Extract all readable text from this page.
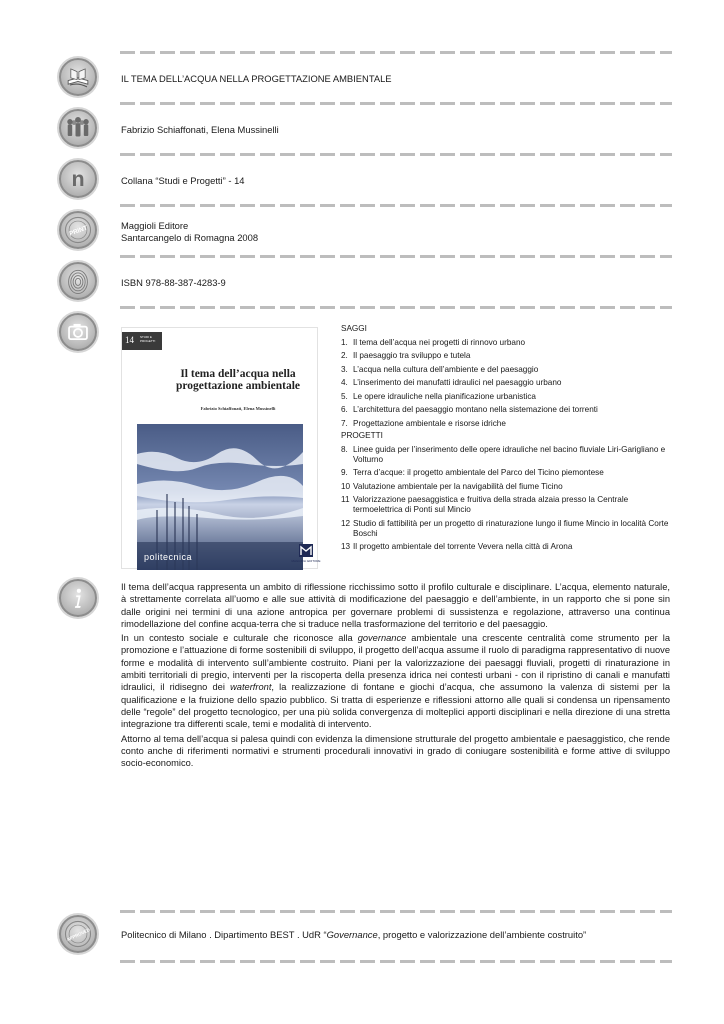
n
PRINT
APPROVED
IL TEMA DELL’ACQUA NELLA PROGETTAZIONE AMBIENTALE
Fabrizio Schiaffonati, Elena Mussinelli
Collana “Studi e Progetti” - 14
Maggioli Editore
Santarcangelo di Romagna 2008
ISBN 978-88-387-4283-9
14 STUDI E
PROGETTI
Il tema dell’acqua nella
progettazione ambientale
Fabrizio Schiaffonati, Elena Mussinelli
politecnica	MAGGIOLI EDITORE
SAGGI
1. Il tema dell’acqua nei progetti di rinnovo urbano
2. Il paesaggio tra sviluppo e tutela
3. L’acqua nella cultura dell’ambiente e del paesaggio
4. L’inserimento dei manufatti idraulici nel paesaggio urbano
5. Le opere idrauliche nella pianificazione urbanistica
6. L’architettura del paesaggio montano nella sistemazione dei torrenti
7. Progettazione ambientale e risorse idriche
PROGETTI
8. Linee guida per l’inserimento delle opere idrauliche nel bacino fluviale Liri-Garigliano e Volturno
9. Terra d’acque: il progetto ambientale del Parco del Ticino piemontese
10 Valutazione ambientale per la navigabilità del fiume Ticino
11 Valorizzazione paesaggistica e fruitiva della strada alzaia presso la Centrale termoelettrica di Ponti sul Mincio
12 Studio di fattibilità per un progetto di rinaturazione lungo il fiume Mincio in località Corte Boschi
13 Il progetto ambientale del torrente Vevera nella città di Arona

Il tema dell’acqua rappresenta un ambito di riflessione ricchissimo sotto il profilo culturale e disciplinare. L’acqua, elemento naturale, à strettamente correlata all’uomo e alle sue attività di modificazione del paesaggio e dell’ambiente, in un rapporto che si pone sin dalle origini nei termini di una azione antropica per governare problemi di sussistenza e regolazione, attraverso una continua rimodellazione del confine acqua-terra che si traduce nella trasformazione del territorio e del paesaggio.

In un contesto sociale e culturale che riconosce alla governance ambientale una crescente centralità come strumento per la promozione e l’attuazione di forme sostenibili di sviluppo, il progetto dell’acqua assume il ruolo di paradigma rappresentativo di nuove forme e modalità di intervento sull’ambiente costruito. Piani per la valorizzazione dei paesaggi fluviali, progetti di rinaturazione in ambiti territoriali di pregio, interventi per la riscoperta della presenza idrica nei contesti urbani - con il ripristino di canali e manufatti idraulici, il ridisegno dei waterfront, la realizzazione di fontane e giochi d’acqua, che assumono la valenza di sistemi per la qualificazione e la fruizione dello spazio pubblico. Si tratta di esperienze e riflessioni attorno alle quali si condensa un ripensamento delle “regole” del progetto tecnologico, per una più solida convergenza di molteplici apporti disciplinari e nella direzione di una stretta integrazione tra differenti scale, temi e modalità di intervento.

Attorno al tema dell’acqua si palesa quindi con evidenza la dimensione strutturale del progetto ambientale e paesaggistico, che rende conto anche di riferimenti normativi e strumenti procedurali innovativi in grado di coniugare sostenibilità e forme attive di sviluppo socio-economico.

Politecnico di Milano . Dipartimento BEST . UdR “Governance, progetto e valorizzazione dell’ambiente costruito”
